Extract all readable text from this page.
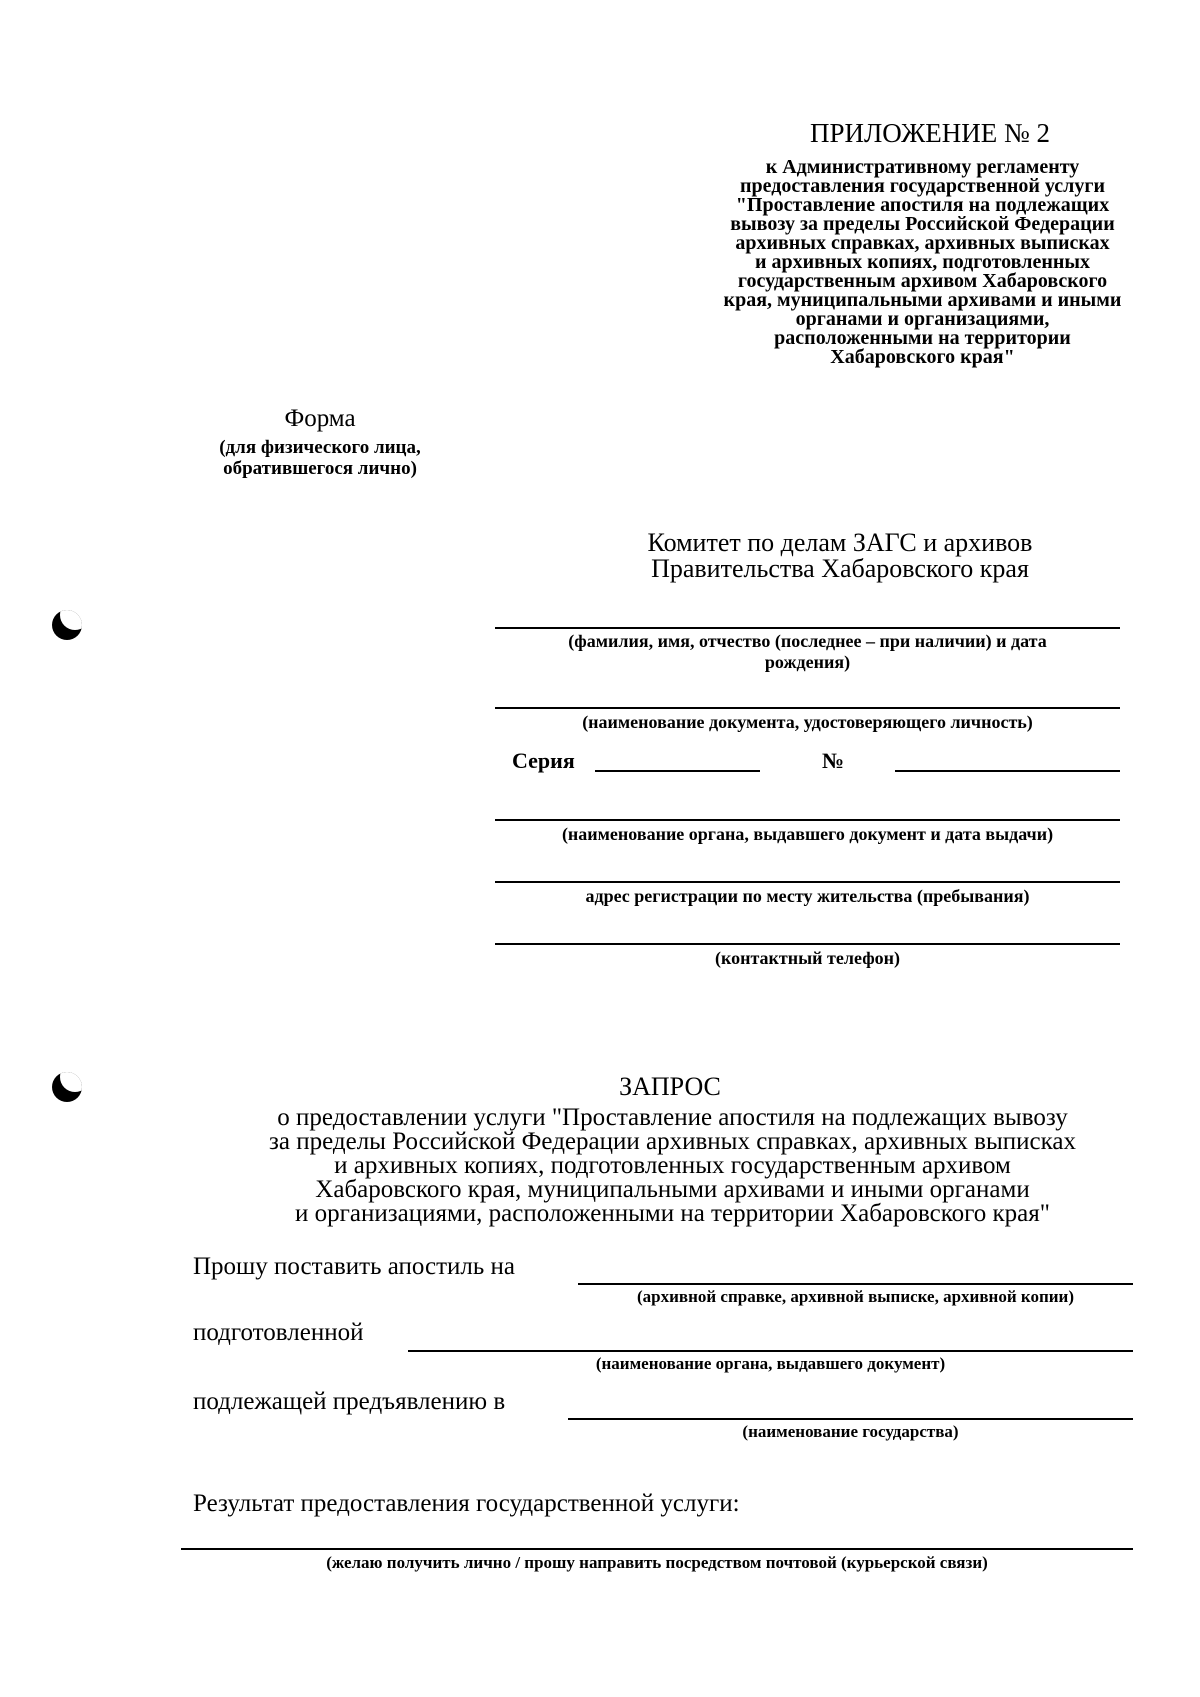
ПРИЛОЖЕНИЕ № 2
к Административному регламенту
предоставления государственной услуги
"Проставление апостиля на подлежащих
вывозу за пределы Российской Федерации
архивных справках, архивных выписках
и архивных копиях, подготовленных
государственным архивом Хабаровского
края, муниципальными архивами и иными
органами и организациями,
расположенными на территории
Хабаровского края"
Форма
(для физического лица,
обратившегося лично)
Комитет по делам ЗАГС и архивов
Правительства Хабаровского края
(фамилия, имя, отчество (последнее – при наличии) и дата
рождения)
(наименование документа, удостоверяющего личность)
Серия	№
(наименование органа, выдавшего документ и дата выдачи)
адрес регистрации по месту жительства (пребывания)
(контактный телефон)
ЗАПРОС
о предоставлении услуги "Проставление апостиля на подлежащих вывозу
за пределы Российской Федерации архивных справках, архивных выписках
и архивных копиях, подготовленных государственным архивом
Хабаровского края, муниципальными архивами и иными органами
и организациями, расположенными на территории Хабаровского края"
Прошу поставить апостиль на
(архивной справке, архивной выписке, архивной копии)
подготовленной
(наименование органа, выдавшего документ)
подлежащей предъявлению в
(наименование государства)
Результат предоставления государственной услуги:
(желаю получить лично / прошу направить посредством почтовой (курьерской связи)
